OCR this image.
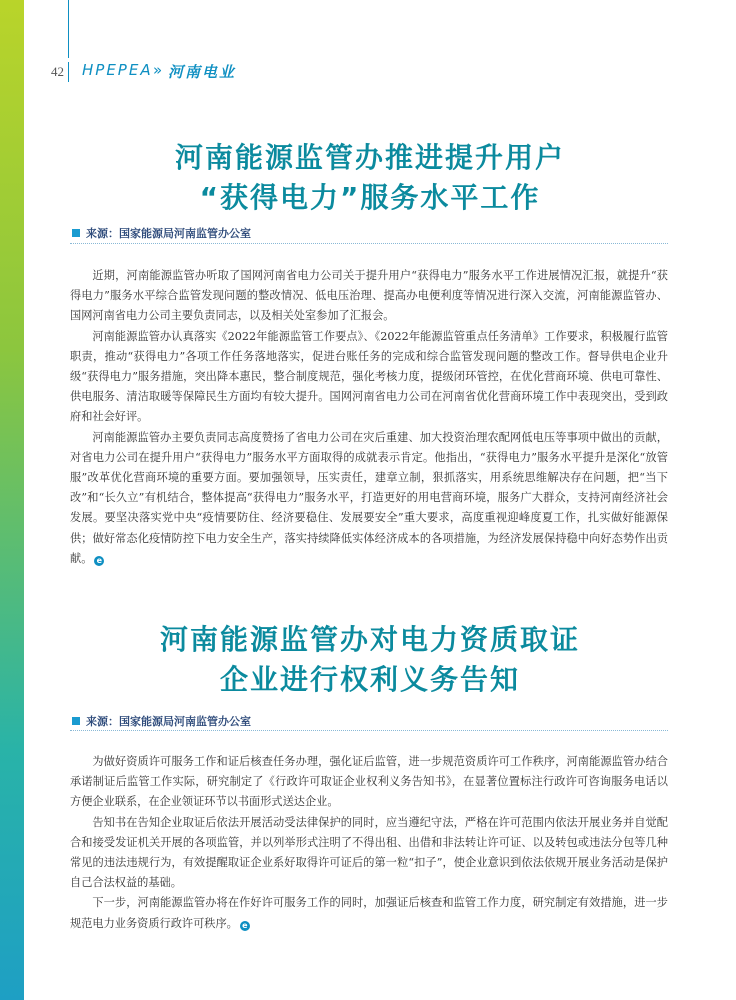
42 HPEPEA » 河南电业
河南能源监管办推进提升用户
“获得电力”服务水平工作
来源：国家能源局河南监管办公室

近期，河南能源监管办听取了国网河南省电力公司关于提升用户“获得电力”服务水平工作进展情况汇报，就提升“获得电力”服务水平综合监管发现问题的整改情况、低电压治理、提高办电便利度等情况进行深入交流，河南能源监管办、国网河南省电力公司主要负责同志，以及相关处室参加了汇报会。

河南能源监管办认真落实《2022年能源监管工作要点》、《2022年能源监管重点任务清单》工作要求，积极履行监管职责，推动“获得电力”各项工作任务落地落实，促进台账任务的完成和综合监管发现问题的整改工作。督导供电企业升级“获得电力”服务措施，突出降本惠民，整合制度规范，强化考核力度，提级闭环管控，在优化营商环境、供电可靠性、供电服务、清洁取暖等保障民生方面均有较大提升。国网河南省电力公司在河南省优化营商环境工作中表现突出，受到政府和社会好评。

河南能源监管办主要负责同志高度赞扬了省电力公司在灾后重建、加大投资治理农配网低电压等事项中做出的贡献，对省电力公司在提升用户“获得电力”服务水平方面取得的成就表示肯定。他指出，“获得电力”服务水平提升是深化“放管服”改革优化营商环境的重要方面。要加强领导，压实责任，建章立制，狠抓落实，用系统思维解决存在问题，把“当下改”和“长久立”有机结合，整体提高“获得电力”服务水平，打造更好的用电营商环境，服务广大群众，支持河南经济社会发展。要坚决落实党中央“疫情要防住、经济要稳住、发展要安全”重大要求，高度重视迎峰度夏工作，扎实做好能源保供；做好常态化疫情防控下电力安全生产，落实持续降低实体经济成本的各项措施，为经济发展保持稳中向好态势作出贡献。 e

河南能源监管办对电力资质取证
企业进行权利义务告知
来源：国家能源局河南监管办公室

为做好资质许可服务工作和证后核查任务办理，强化证后监管，进一步规范资质许可工作秩序，河南能源监管办结合承诺制证后监管工作实际，研究制定了《行政许可取证企业权利义务告知书》，在显著位置标注行政许可咨询服务电话以方便企业联系，在企业领证环节以书面形式送达企业。

告知书在告知企业取证后依法开展活动受法律保护的同时，应当遵纪守法，严格在许可范围内依法开展业务并自觉配合和接受发证机关开展的各项监管，并以列举形式注明了不得出租、出借和非法转让许可证、以及转包或违法分包等几种常见的违法违规行为，有效提醒取证企业系好取得许可证后的第一粒“扣子”，使企业意识到依法依规开展业务活动是保护自己合法权益的基础。

下一步，河南能源监管办将在作好许可服务工作的同时，加强证后核查和监管工作力度，研究制定有效措施，进一步规范电力业务资质行政许可秩序。 e
